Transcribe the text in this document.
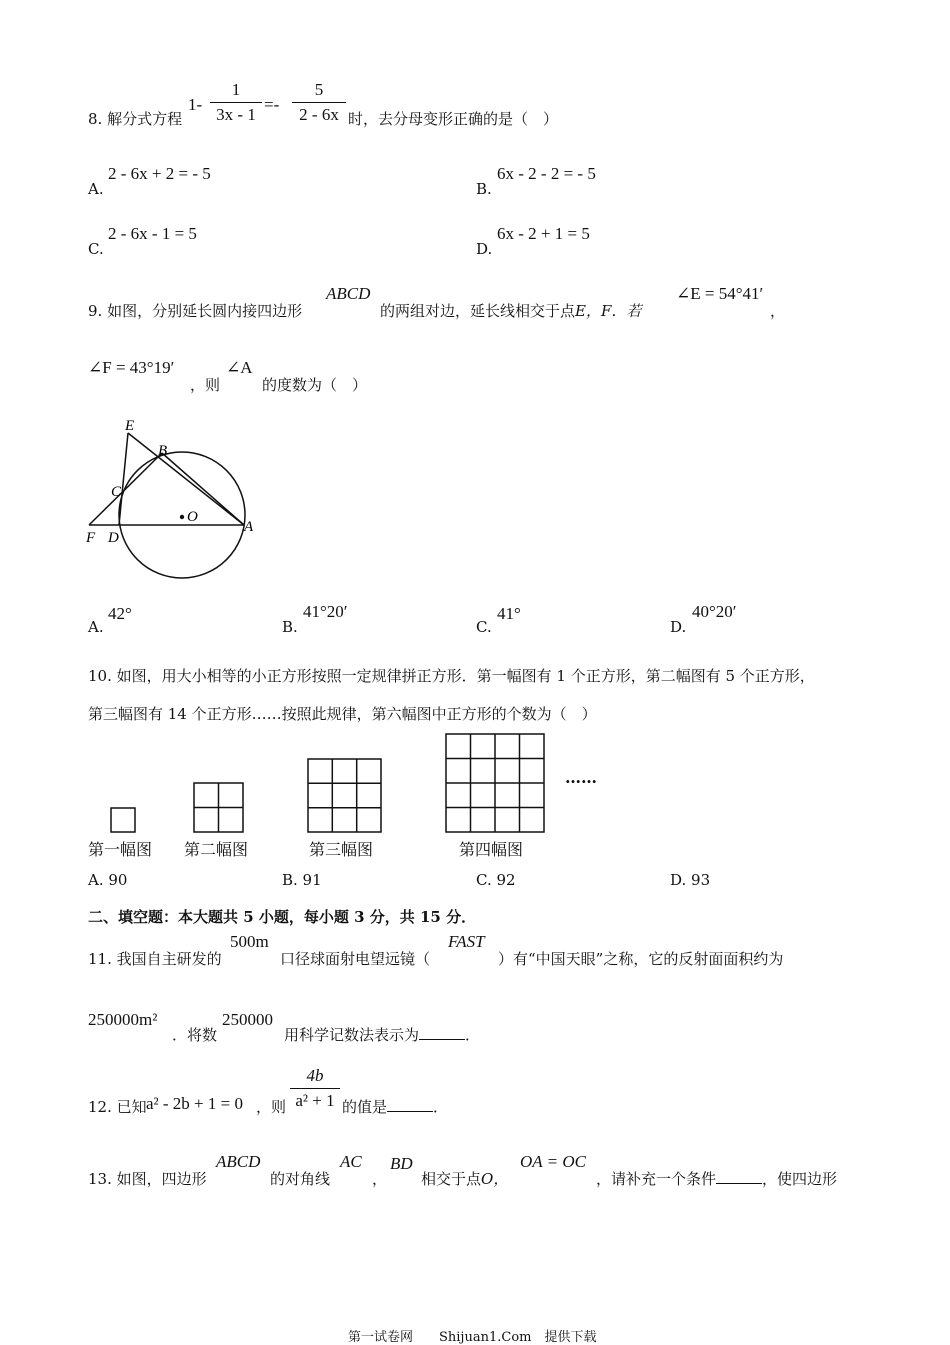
8. 解分式方程
1-
1
3x - 1
=-
5
2 - 6x 时，去分母变形正确的是（　）
A.
2 - 6x + 2 = - 5
B.
6x - 2 - 2 = - 5
C.
2 - 6x - 1 = 5
D.
6x - 2 + 1 = 5
9. 如图，分别延长圆内接四边形
ABCD
的两组对边，延长线相交于点E，F．若
∠E = 54°41′
，
∠F = 43°19′
，则
∠A
的度数为（　）
E
B
C
O
F D
A
A.
42°
B.
41°20′
C.
41°
D.
40°20′
10. 如图，用大小相等的小正方形按照一定规律拼正方形．第一幅图有 1 个正方形，第二幅图有 5 个正方形，
第三幅图有 14 个正方形……按照此规律，第六幅图中正方形的个数为（　）
……
第一幅图 第二幅图	第三幅图	第四幅图
A. 90	B. 91	C. 92	D. 93
二、填空题：本大题共 5 小题，每小题 3 分，共 15 分．
11. 我国自主研发的
500m
口径球面射电望远镜（
FAST
）有“中国天眼”之称，它的反射面面积约为
250000m²
．将数
250000
用科学记数法表示为	．
12. 已知 a² - 2b + 1 = 0 ，则
4b
a² + 1 的值是	．
13. 如图，四边形
ABCD
的对角线
AC
，
BD
相交于点O，
OA = OC
，请补充一个条件	，使四边形
第一试卷网　　Shijuan1.Com　提供下载
